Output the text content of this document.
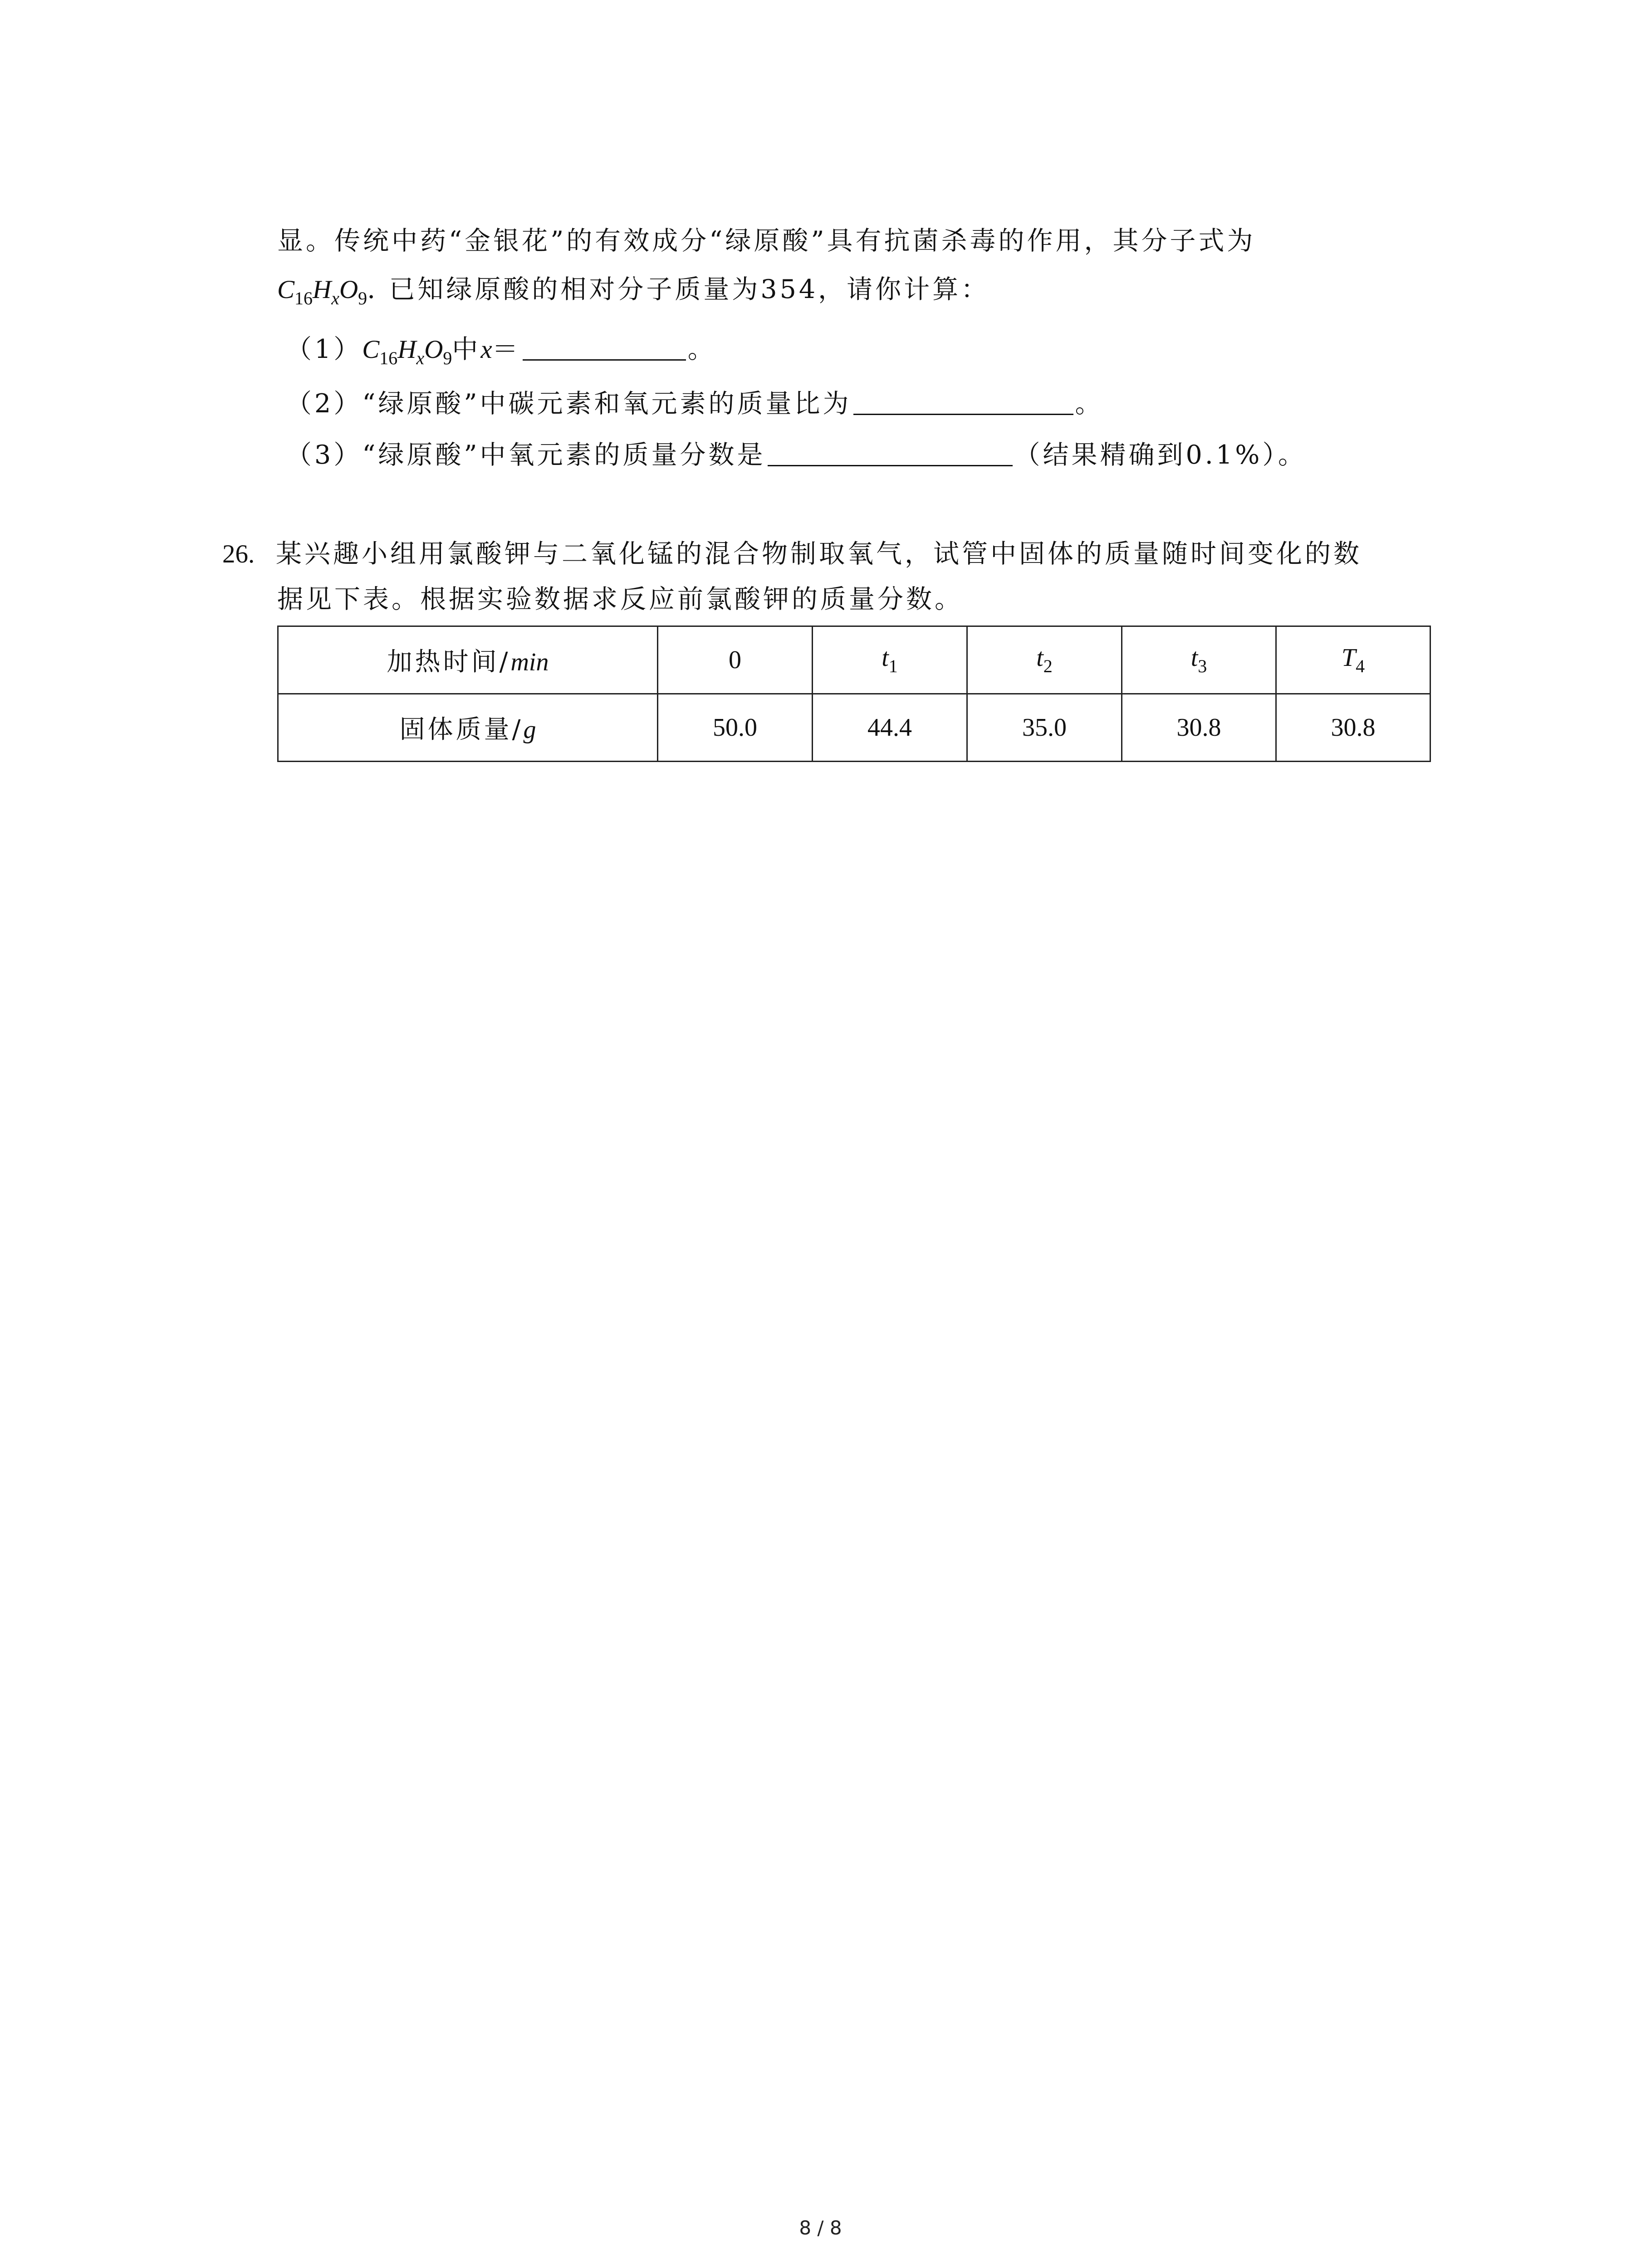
显。传统中药“金银花”的有效成分“绿原酸”具有抗菌杀毒的作用，其分子式为
$C_{16}H_xO_9$. 已知绿原酸的相对分子质量为354，请你计算：
$(1)C_{16}H_xO_9$中x＝	。
（2）“绿原酸”中碳元素和氧元素的质量比为	。
（3）“绿原酸”中氧元素的质量分数是	（结果精确到0.1%）。
26. 某兴趣小组用氯酸钾与二氧化锰的混合物制取氧气，试管中固体的质量随时间变化的数
据见下表。根据实验数据求反应前氯酸钾的质量分数。
加热时间/min	0	$t_1$	$t_2$	$t_3$	$T_4$
固体质量/g	50.0	44.4	35.0	30.8	30.8
8 / 8
